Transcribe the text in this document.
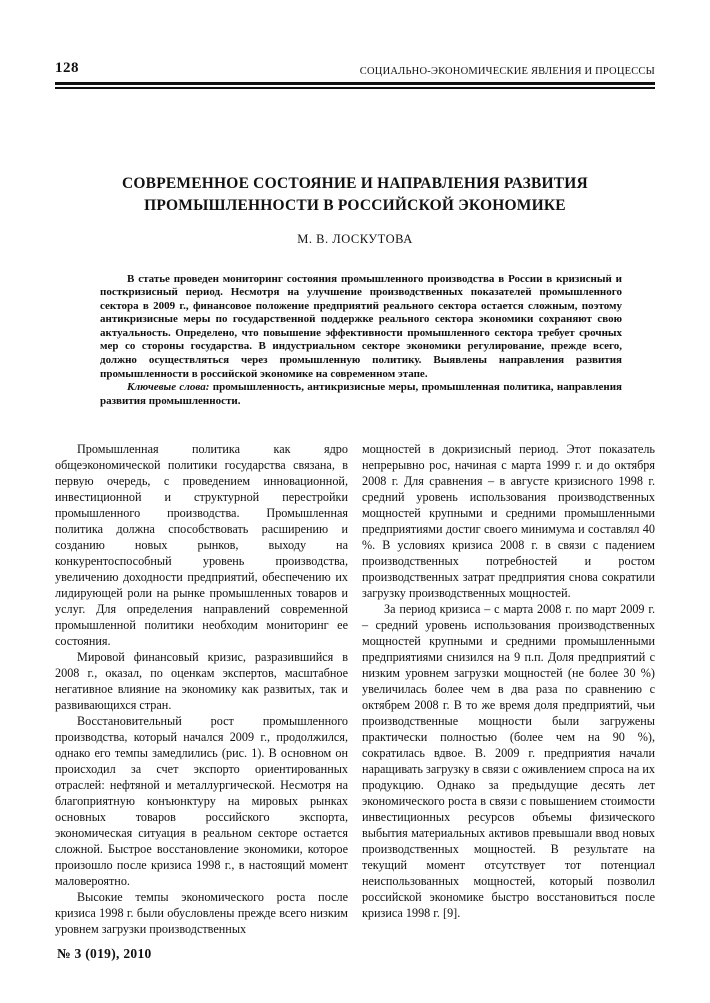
128	СОЦИАЛЬНО-ЭКОНОМИЧЕСКИЕ ЯВЛЕНИЯ И ПРОЦЕССЫ
СОВРЕМЕННОЕ СОСТОЯНИЕ И НАПРАВЛЕНИЯ РАЗВИТИЯ ПРОМЫШЛЕННОСТИ В РОССИЙСКОЙ ЭКОНОМИКЕ
М. В. ЛОСКУТОВА

В статье проведен мониторинг состояния промышленного производства в России в кризисный и посткризисный период. Несмотря на улучшение производственных показателей промышленного сектора в 2009 г., финансовое положение предприятий реального сектора остается сложным, поэтому антикризисные меры по государственной поддержке реального сектора экономики сохраняют свою актуальность. Определено, что повышение эффективности промышленного сектора требует срочных мер со стороны государства. В индустриальном секторе экономики регулирование, прежде всего, должно осуществляться через промышленную политику. Выявлены направления развития промышленности в российской экономике на современном этапе.

Ключевые слова: промышленность, антикризисные меры, промышленная политика, направления развития промышленности.

Промышленная политика как ядро общеэкономической политики государства связана, в первую очередь, с проведением инновационной, инвестиционной и структурной перестройки промышленного производства. Промышленная политика должна способствовать расширению и созданию новых рынков, выходу на конкурентоспособный уровень производства, увеличению доходности предприятий, обеспечению их лидирующей роли на рынке промышленных товаров и услуг. Для определения направлений современной промышленной политики необходим мониторинг ее состояния.

Мировой финансовый кризис, разразившийся в 2008 г., оказал, по оценкам экспертов, масштабное негативное влияние на экономику как развитых, так и развивающихся стран.

Восстановительный рост промышленного производства, который начался 2009 г., продолжился, однако его темпы замедлились (рис. 1). В основном он происходил за счет экспорто ориентированных отраслей: нефтяной и металлургической. Несмотря на благоприятную конъюнктуру на мировых рынках основных товаров российского экспорта, экономическая ситуация в реальном секторе остается сложной. Быстрое восстановление экономики, которое произошло после кризиса 1998 г., в настоящий момент маловероятно.

Высокие темпы экономического роста после кризиса 1998 г. были обусловлены прежде всего низким уровнем загрузки производственных

мощностей в докризисный период. Этот показатель непрерывно рос, начиная с марта 1999 г. и до октября 2008 г. Для сравнения – в августе кризисного 1998 г. средний уровень использования производственных мощностей крупными и средними промышленными предприятиями достиг своего минимума и составлял 40 %. В условиях кризиса 2008 г. в связи с падением производственных потребностей и ростом производственных затрат предприятия снова сократили загрузку производственных мощностей.

За период кризиса – с марта 2008 г. по март 2009 г. – средний уровень использования производственных мощностей крупными и средними промышленными предприятиями снизился на 9 п.п. Доля предприятий с низким уровнем загрузки мощностей (не более 30 %) увеличилась более чем в два раза по сравнению с октябрем 2008 г. В то же время доля предприятий, чьи производственные мощности были загружены практически полностью (более чем на 90 %), сократилась вдвое. В. 2009 г. предприятия начали наращивать загрузку в связи с оживлением спроса на их продукцию. Однако за предыдущие десять лет экономического роста в связи с повышением стоимости инвестиционных ресурсов объемы физического выбытия материальных активов превышали ввод новых производственных мощностей. В результате на текущий момент отсутствует тот потенциал неиспользованных мощностей, который позволил российской экономике быстро восстановиться после кризиса 1998 г. [9].

№ 3 (019), 2010
